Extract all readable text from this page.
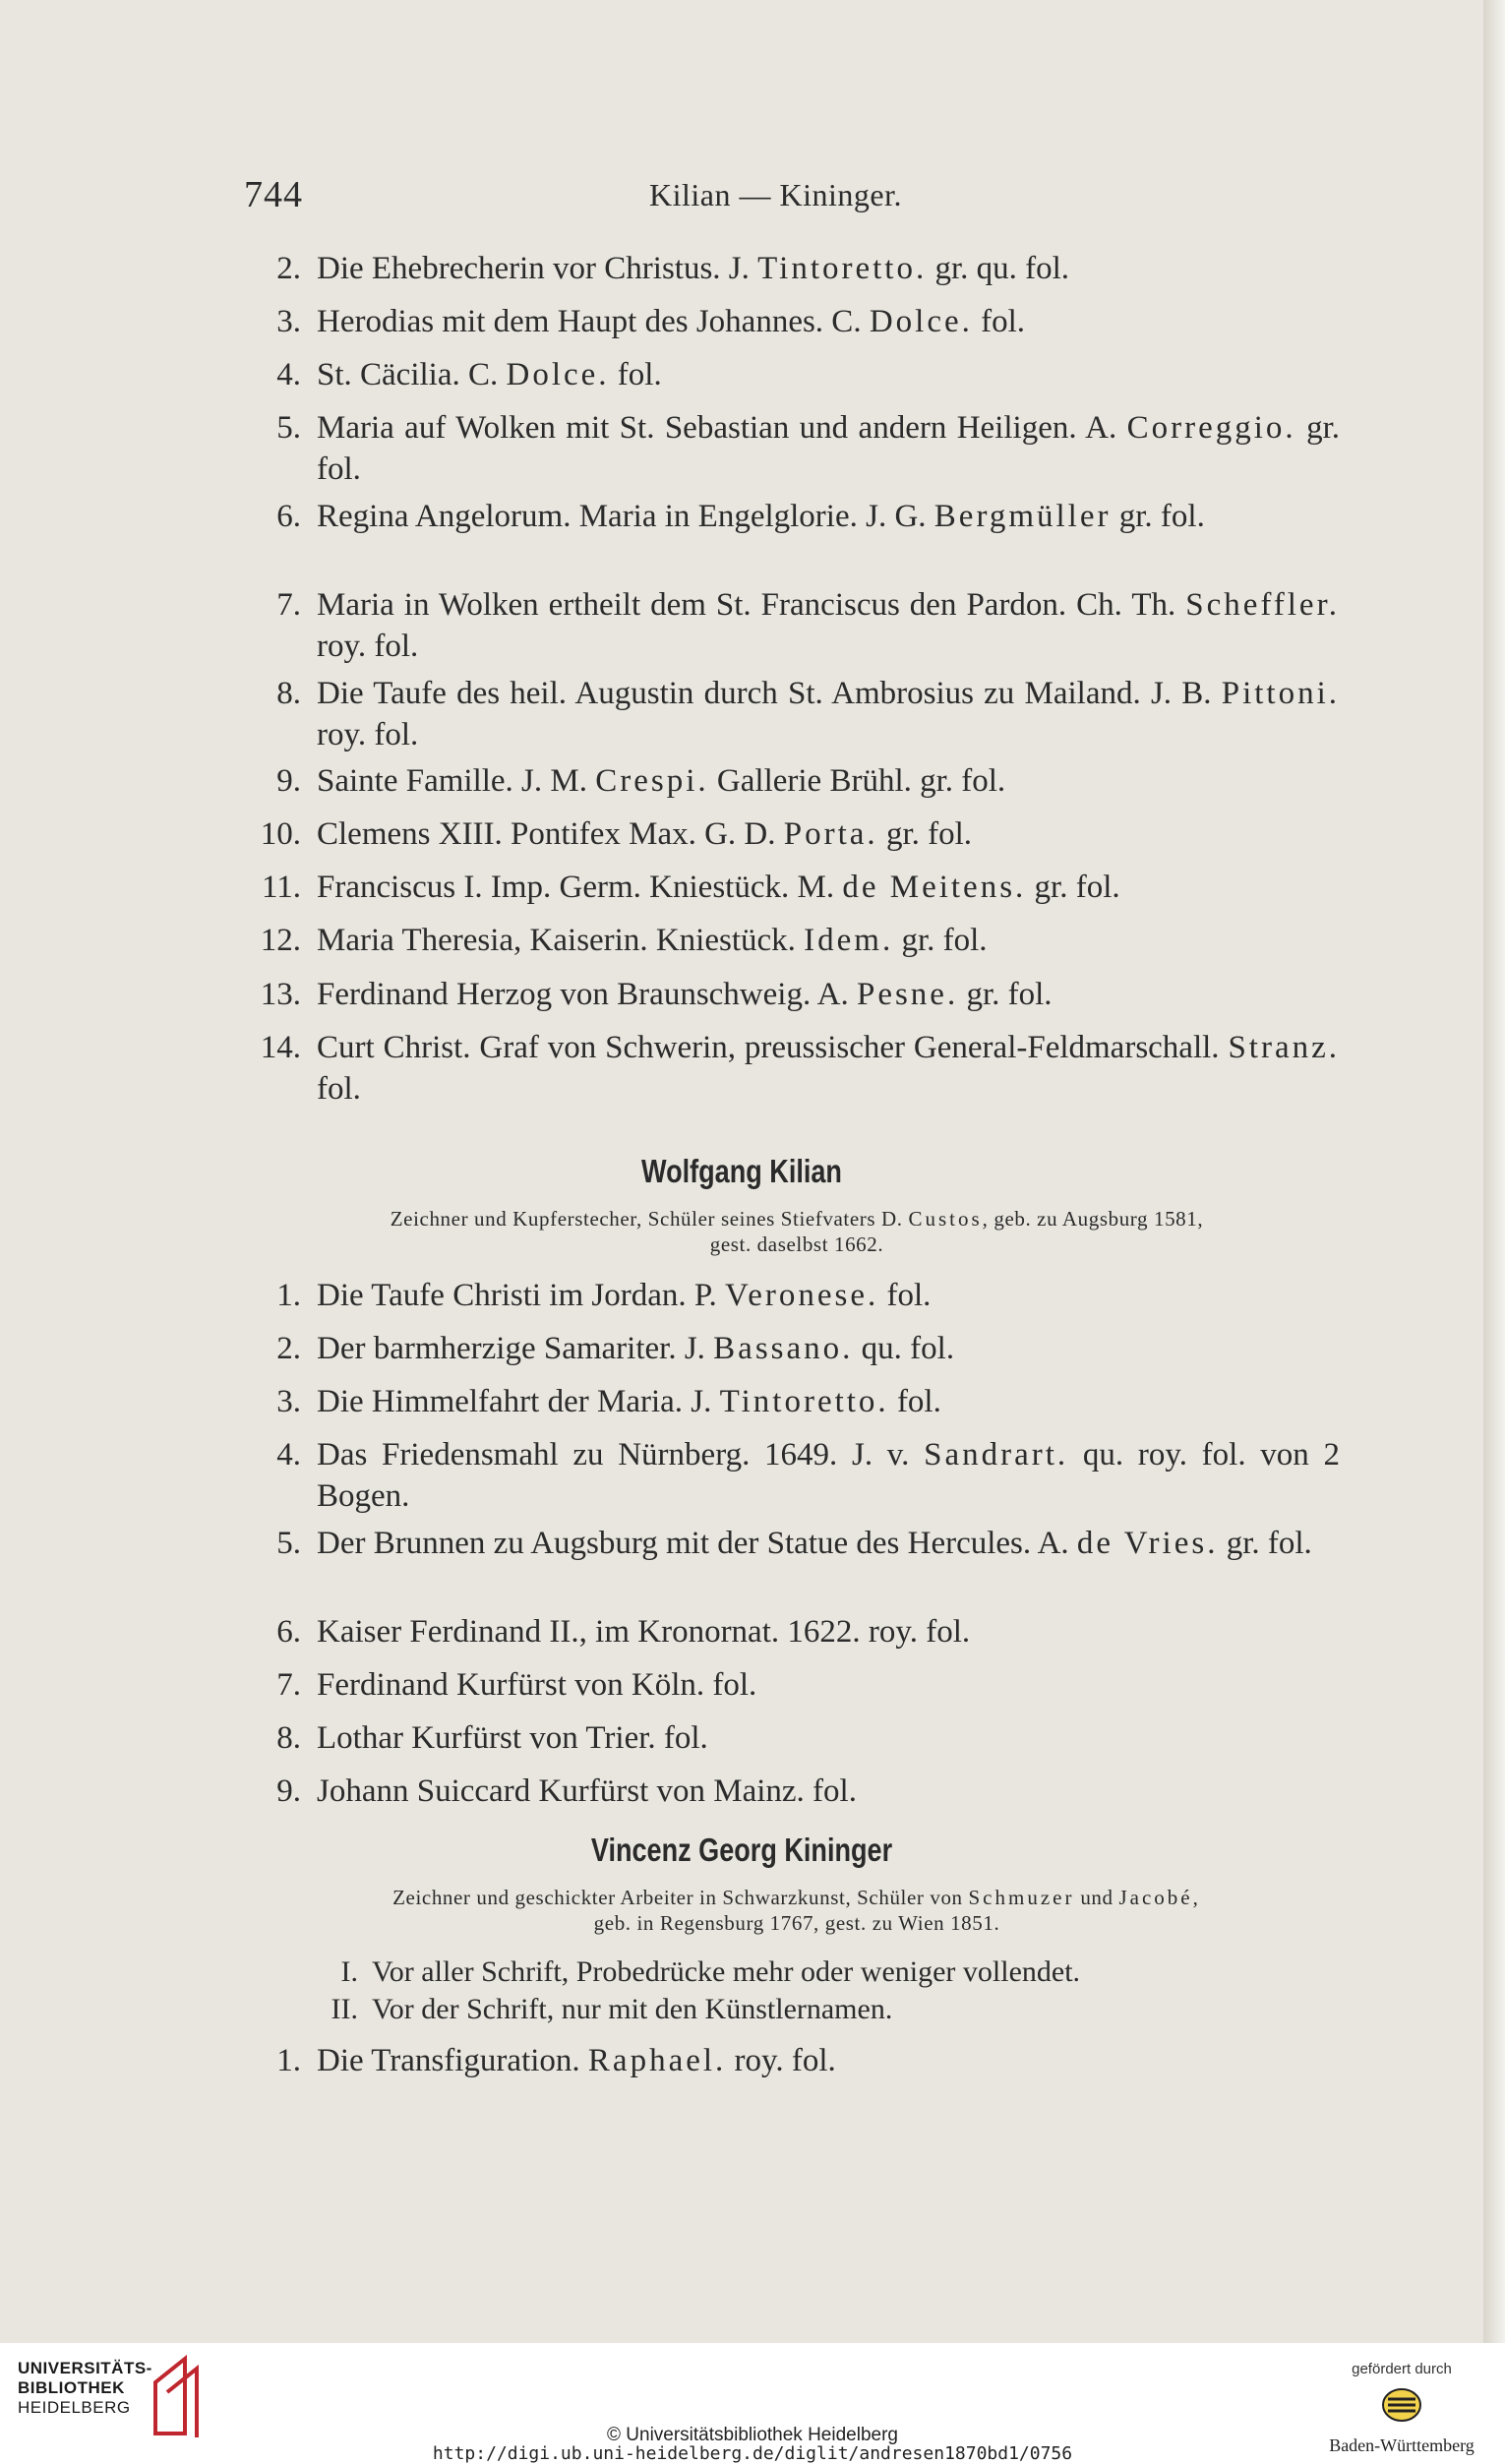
744	Kilian — Kininger.
2. Die Ehebrecherin vor Christus. J. Tintoretto. gr. qu. fol.
3. Herodias mit dem Haupt des Johannes. C. Dolce. fol.
4. St. Cäcilia. C. Dolce. fol.
5. Maria auf Wolken mit St. Sebastian und andern Heiligen. A. Correggio. gr. fol.
6. Regina Angelorum. Maria in Engelglorie. J. G. Bergmüller gr. fol.
7. Maria in Wolken ertheilt dem St. Franciscus den Pardon. Ch. Th. Scheffler. roy. fol.
8. Die Taufe des heil. Augustin durch St. Ambrosius zu Mailand. J. B. Pittoni. roy. fol.
9. Sainte Famille. J. M. Crespi. Gallerie Brühl. gr. fol.
10. Clemens XIII. Pontifex Max. G. D. Porta. gr. fol.
11. Franciscus I. Imp. Germ. Kniestück. M. de Meitens. gr. fol.
12. Maria Theresia, Kaiserin. Kniestück. Idem. gr. fol.
13. Ferdinand Herzog von Braunschweig. A. Pesne. gr. fol.
14. Curt Christ. Graf von Schwerin, preussischer General-Feldmarschall. Stranz. fol.
Wolfgang Kilian
Zeichner und Kupferstecher, Schüler seines Stiefvaters D. Custos, geb. zu Augsburg 1581,
gest. daselbst 1662.
1. Die Taufe Christi im Jordan. P. Veronese. fol.
2. Der barmherzige Samariter. J. Bassano. qu. fol.
3. Die Himmelfahrt der Maria. J. Tintoretto. fol.
4. Das Friedensmahl zu Nürnberg. 1649. J. v. Sandrart. qu. roy. fol. von 2 Bogen.
5. Der Brunnen zu Augsburg mit der Statue des Hercules. A. de Vries. gr. fol.
6. Kaiser Ferdinand II., im Kronornat. 1622. roy. fol.
7. Ferdinand Kurfürst von Köln. fol.
8. Lothar Kurfürst von Trier. fol.
9. Johann Suiccard Kurfürst von Mainz. fol.
Vincenz Georg Kininger
Zeichner und geschickter Arbeiter in Schwarzkunst, Schüler von Schmuzer und Jacobé,
geb. in Regensburg 1767, gest. zu Wien 1851.
I. Vor aller Schrift, Probedrücke mehr oder weniger vollendet.
II. Vor der Schrift, nur mit den Künstlernamen.
1. Die Transfiguration. Raphael. roy. fol.
UNIVERSITÄTS-
BIBLIOTHEK
HEIDELBERG
© Universitätsbibliothek Heidelberg
http://digi.ub.uni-heidelberg.de/diglit/andresen1870bd1/0756
gefördert durch
Baden-Württemberg
